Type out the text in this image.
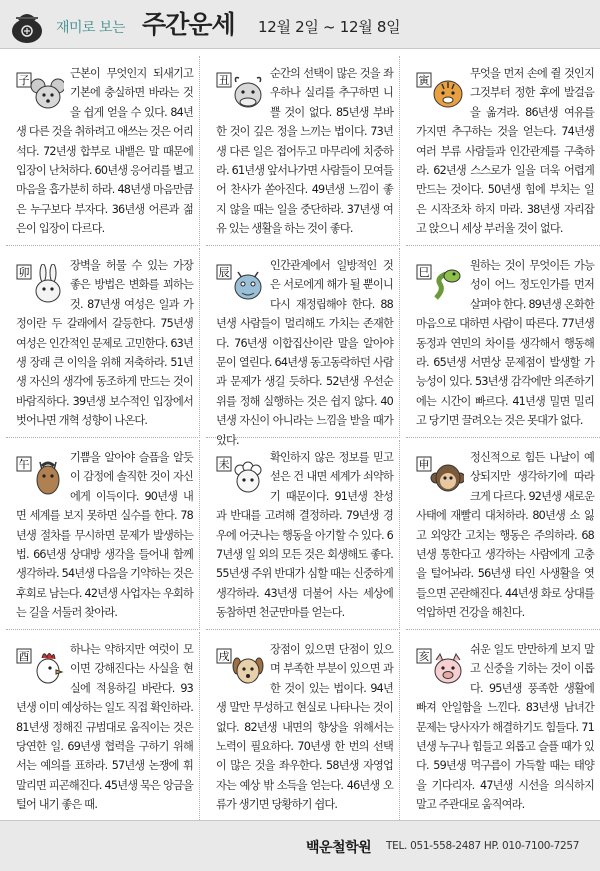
재미로 보는 주간운세 12월 2일 ~ 12월 8일
子
근본이 무엇인지 되새기고 기본에 충실하면 바라는 것을 쉽게 얻을 수 있다. 84년생 다른 것을 취하려고 애쓰는 것은 어리석다. 72년생 합부로 내뱉은 말 때문에 입장이 난처하다. 60년생 응어리를 별고 마음을 흡가분히 하라. 48년생 마음만큼은 누구보다 부자다. 36년생 어른과 젊은이 입장이 다르다.
丑
순간의 선택이 많은 것을 좌우하나 실리를 추구하면 니쁠 것이 없다. 85년생 부바한 것이 깊은 정을 느끼는 법이다. 73년생 다른 일은 접어두고 마무리에 치중하라. 61년생 앞서나가면 사람들이 모여들어 찬사가 쏟아진다. 49년생 느낌이 좋지 않을 때는 일을 중단하라. 37년생 여유 있는 생활을 하는 것이 좋다.
寅
무엇을 먼저 손에 쥘 것인지 그것부터 정한 후에 발걸음을 옮겨라. 86년생 여유를 가지면 추구하는 것을 얻는다. 74년생 여러 부류 사람들과 인간관계를 구축하라. 62년생 스스로가 일을 더욱 어렵게 만드는 것이다. 50년생 힘에 부치는 일은 시작조차 하지 마라. 38년생 자리잡고 앉으니 세상 부러울 것이 없다.
卯
장벽을 허물 수 있는 가장 좋은 방법은 변화를 꾀하는 것. 87년생 여성은 일과 가정이란 두 갈래에서 갈등한다. 75년생 여성은 인간적인 문제로 고민한다. 63년생 장래 큰 이익을 위해 저축하라. 51년생 자신의 생각에 동조하게 만드는 것이 바람직하다. 39년생 보수적인 입장에서 벗어나면 개혁 성향이 나온다.
辰
인간관계에서 일방적인 것은 서로에게 해가 될 뿐이니 다시 재정립해야 한다. 88년생 사람들이 멀리해도 가치는 존재한다. 76년생 이합집산이란 말을 알아야 문이 열린다. 64년생 동고동락하던 사람과 문제가 생길 듯하다. 52년생 우선순위를 정해 실행하는 것은 쉽지 않다. 40년생 자신이 아니라는 느낌을 받을 때가 있다.
巳
원하는 것이 무엇이든 가능성이 어느 정도인가를 먼저 살펴야 한다. 89년생 온화한 마음으로 대하면 사람이 따른다. 77년생 동정과 연민의 차이를 생각해서 행동해라. 65년생 서면상 문제점이 발생할 가능성이 있다. 53년생 감각에만 의존하기에는 시간이 빠르다. 41년생 밀면 밀리고 당기면 끌려오는 것은 못대가 없다.
午
기쁨을 알아야 슬픔을 알듯이 감정에 솔직한 것이 자신에게 이득이다. 90년생 내면 세계를 보지 못하면 실수를 한다. 78년생 절차를 무시하면 문제가 발생하는 법. 66년생 상대방 생각을 들어내 함께 생각하라. 54년생 다음을 기약하는 것은 후회로 남는다. 42년생 사업자는 우회하는 길을 서둘러 찾아라.
未
확인하지 않은 정보를 믿고 섣은 건 내면 세계가 쇠약하기 때문이다. 91년생 찬성과 반대를 고려해 결정하라. 79년생 경우에 어긋나는 행동을 아기할 수 있다. 67년생 일 외의 모든 것은 회생해도 좋다. 55년생 주위 반대가 심할 때는 신중하게 생각하라. 43년생 더불어 사는 세상에 동참하면 천군만마를 얻는다.
申
정신적으로 힘든 나날이 예상되지만 생각하기에 따라 크게 다르다. 92년생 새로운 사태에 재빨리 대처하라. 80년생 소 잃고 외양간 고치는 행동은 주의하라. 68년생 통한다고 생각하는 사람에게 고충을 털어놔라. 56년생 타인 사생활을 엿들으면 곤란해진다. 44년생 화로 상대를 억압하면 건강을 해친다.
酉
하나는 약하지만 여럿이 모이면 강해진다는 사실을 현실에 적용하길 바란다. 93년생 이미 예상하는 일도 직접 확인하라. 81년생 정해진 규범대로 움직이는 것은 당연한 일. 69년생 협력을 구하기 위해서는 예의를 표하라. 57년생 논쟁에 휘말리면 피곤해진다. 45년생 묵은 앙금을 털어 내기 좋은 때.
戌
장점이 있으면 단점이 있으며 부족한 부분이 있으면 과한 것이 있는 법이다. 94년생 말만 무성하고 현실로 나타나는 것이 없다. 82년생 내면의 향상을 위해서는 노력이 필요하다. 70년생 한 번의 선택이 많은 것을 좌우한다. 58년생 자영업자는 예상 밖 소득을 얻는다. 46년생 오류가 생기면 당황하기 쉽다.
亥
쉬운 일도 만만하게 보지 말고 신중을 기하는 것이 이롭다. 95년생 풍족한 생활에 빠져 안일함을 느낀다. 83년생 남녀간 문제는 당사자가 해결하기도 힘들다. 71년생 누구나 힘들고 외롭고 슬플 때가 있다. 59년생 먹구름이 가득할 때는 태양을 기다리자. 47년생 시선을 의식하지 말고 주관대로 움직여라.
백운철학원 TEL. 051-558-2487 HP. 010-7100-7257
